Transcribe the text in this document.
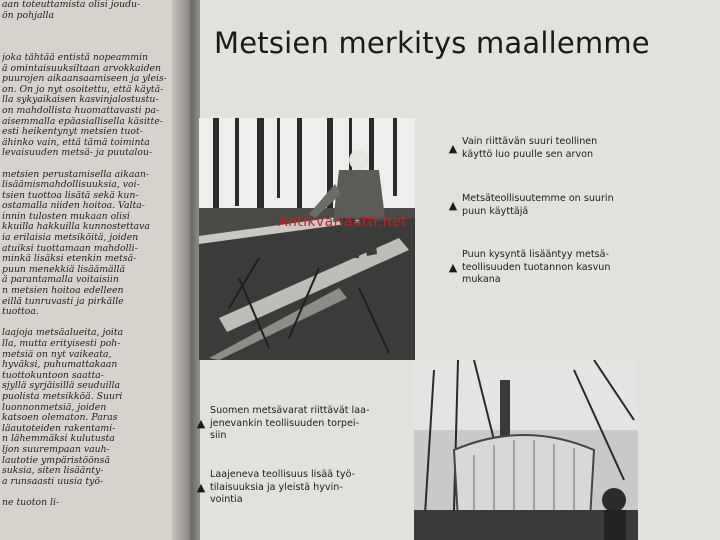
aan toteuttamista olisi joudu-
ön pohjalla

joka tähtää entistä nopeammin
ä omintaisuuksiltaan arvokkaiden
puurojen aikaansaamiseen ja yleis-
on. On jo nyt osoitettu, että käytä-
lla sykyaikaisen kasvinjalostustu-
on mahdollista huomattavasti pa-
aisemmalla epäasiallisella käsitte-
esti heikentynyt metsien tuot-
ähinko vain, että tämä toiminta
levaisuuden metsä- ja puutalou-

metsien perustamisella aikaan-
lisäämismahdollisuuksia, voi-
tsien tuottoa lisätä sekä kun-
ostamalla niiden hoitoa. Valta-
innin tulosten mukaan olisi
kkuilla hakkuilla kunnostettava
ia erilaisia metsiköitä, joiden
atuiksi tuottamaan mahdolli-
minkä lisäksi etenkin metsä-
puun menekkiä lisäämällä
ä parantamalla voitaisiin
n metsien hoitoa edelleen
eillä tunruvasti ja pirkälle
tuottoa.

laajoja metsäalueita, joita
lla, mutta erityisesti poh-
metsiä on nyt vaikeata,
hyväksi, puhumattakaan
tuottokuntoon saatta-
sjyllä syrjäisillä seuduilla
puolista metsikköä. Suuri
luonnonmetsiä, joiden
katsoen olematon. Paras
läautoteiden rakentami-
n lähemmäksi kulutusta
ljon suurempaan vauh-
lautotie ympäristöönsä
suksia, siten lisäänty-
a runsaasti uusia työ-

ne tuoton li-
Metsien merkitys maallemme
▲
Vain riittävän suuri teollinen
käyttö luo puulle sen arvon
▲
Metsäteollisuutemme on suurin
puun käyttäjä
▲
Puun kysyntä lisääntyy metsä-
teollisuuden tuotannon kasvun
mukana
▲
Suomen metsävarat riittävät laa-
jenevankin teollisuuden torpei-
siin
▲
Laajeneva teollisuus lisää työ-
tilaisuuksia ja yleistä hyvin-
vointia
Antikvariaatti.net
